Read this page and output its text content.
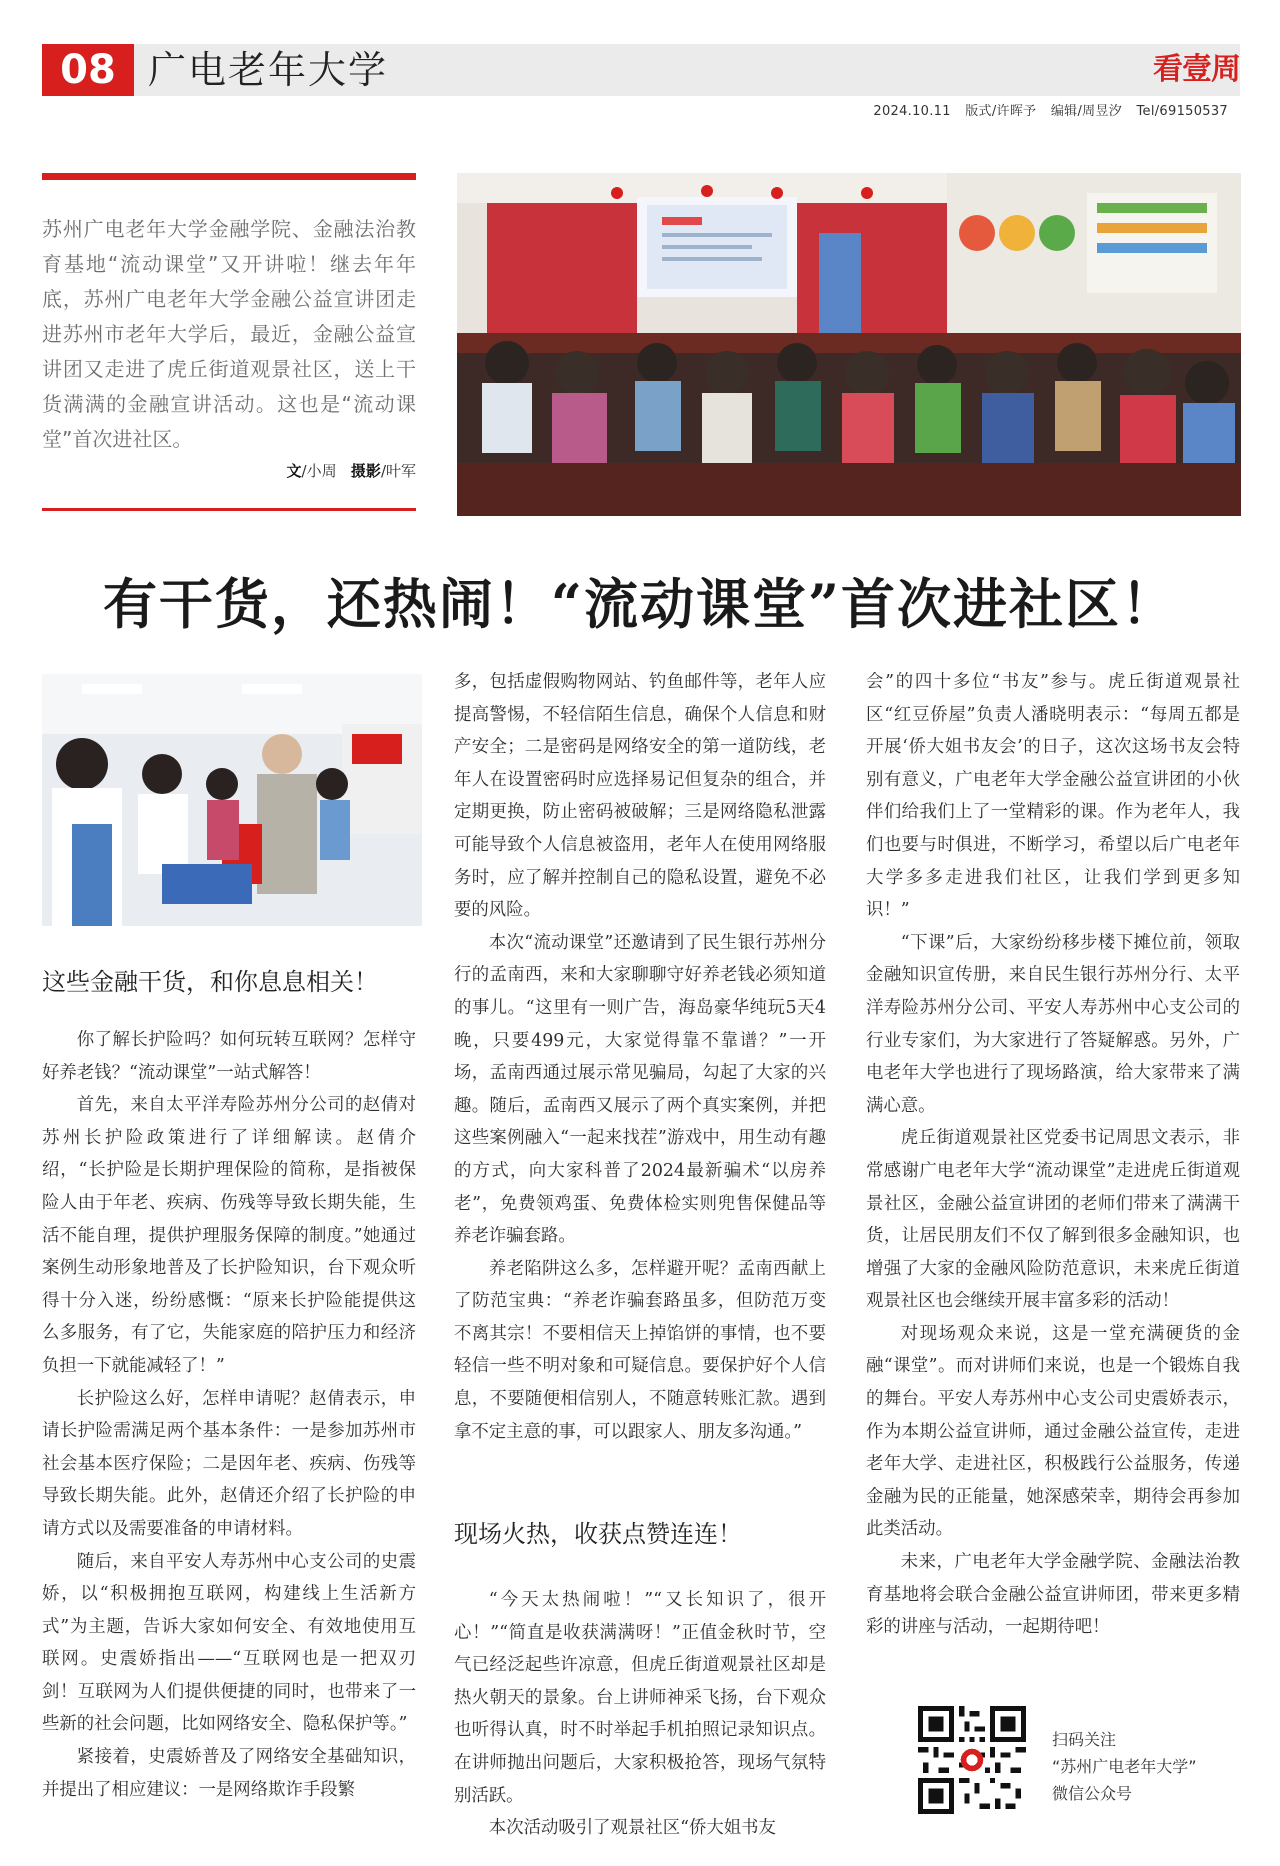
08 广电老年大学	看壹周
2024.10.11 版式/许晖予 编辑/周昱汐 Tel/69150537
苏州广电老年大学金融学院、金融法治教育基地“流动课堂”又开讲啦！继去年年底，苏州广电老年大学金融公益宣讲团走进苏州市老年大学后，最近，金融公益宣讲团又走进了虎丘街道观景社区，送上干货满满的金融宣讲活动。这也是“流动课堂”首次进社区。
文/小周 摄影/叶军
有干货，还热闹！“流动课堂”首次进社区！
这些金融干货，和你息息相关！

你了解长护险吗？如何玩转互联网？怎样守好养老钱？“流动课堂”一站式解答！

首先，来自太平洋寿险苏州分公司的赵倩对苏州长护险政策进行了详细解读。赵倩介绍，“长护险是长期护理保险的简称，是指被保险人由于年老、疾病、伤残等导致长期失能，生活不能自理，提供护理服务保障的制度。”她通过案例生动形象地普及了长护险知识，台下观众听得十分入迷，纷纷感慨：“原来长护险能提供这么多服务，有了它，失能家庭的陪护压力和经济负担一下就能减轻了！”

长护险这么好，怎样申请呢？赵倩表示，申请长护险需满足两个基本条件：一是参加苏州市社会基本医疗保险；二是因年老、疾病、伤残等导致长期失能。此外，赵倩还介绍了长护险的申请方式以及需要准备的申请材料。

随后，来自平安人寿苏州中心支公司的史震娇，以“积极拥抱互联网，构建线上生活新方式”为主题，告诉大家如何安全、有效地使用互联网。史震娇指出——“互联网也是一把双刃剑！互联网为人们提供便捷的同时，也带来了一些新的社会问题，比如网络安全、隐私保护等。”

紧接着，史震娇普及了网络安全基础知识，并提出了相应建议：一是网络欺诈手段繁

多，包括虚假购物网站、钓鱼邮件等，老年人应提高警惕，不轻信陌生信息，确保个人信息和财产安全；二是密码是网络安全的第一道防线，老年人在设置密码时应选择易记但复杂的组合，并定期更换，防止密码被破解；三是网络隐私泄露可能导致个人信息被盗用，老年人在使用网络服务时，应了解并控制自己的隐私设置，避免不必要的风险。

本次“流动课堂”还邀请到了民生银行苏州分行的孟南西，来和大家聊聊守好养老钱必须知道的事儿。“这里有一则广告，海岛豪华纯玩5天4晚，只要499元，大家觉得靠不靠谱？”一开场，孟南西通过展示常见骗局，勾起了大家的兴趣。随后，孟南西又展示了两个真实案例，并把这些案例融入“一起来找茬”游戏中，用生动有趣的方式，向大家科普了2024最新骗术“以房养老”，免费领鸡蛋、免费体检实则兜售保健品等养老诈骗套路。

养老陷阱这么多，怎样避开呢？孟南西献上了防范宝典：“养老诈骗套路虽多，但防范万变不离其宗！不要相信天上掉馅饼的事情，也不要轻信一些不明对象和可疑信息。要保护好个人信息，不要随便相信别人，不随意转账汇款。遇到拿不定主意的事，可以跟家人、朋友多沟通。”

现场火热，收获点赞连连！

“今天太热闹啦！”“又长知识了，很开心！”“简直是收获满满呀！”正值金秋时节，空气已经泛起些许凉意，但虎丘街道观景社区却是热火朝天的景象。台上讲师神采飞扬，台下观众也听得认真，时不时举起手机拍照记录知识点。在讲师抛出问题后，大家积极抢答，现场气氛特别活跃。

本次活动吸引了观景社区“侨大姐书友

会”的四十多位“书友”参与。虎丘街道观景社区“红豆侨屋”负责人潘晓明表示：“每周五都是开展‘侨大姐书友会’的日子，这次这场书友会特别有意义，广电老年大学金融公益宣讲团的小伙伴们给我们上了一堂精彩的课。作为老年人，我们也要与时俱进，不断学习，希望以后广电老年大学多多走进我们社区，让我们学到更多知识！”

“下课”后，大家纷纷移步楼下摊位前，领取金融知识宣传册，来自民生银行苏州分行、太平洋寿险苏州分公司、平安人寿苏州中心支公司的行业专家们，为大家进行了答疑解惑。另外，广电老年大学也进行了现场路演，给大家带来了满满心意。

虎丘街道观景社区党委书记周思文表示，非常感谢广电老年大学“流动课堂”走进虎丘街道观景社区，金融公益宣讲团的老师们带来了满满干货，让居民朋友们不仅了解到很多金融知识，也增强了大家的金融风险防范意识，未来虎丘街道观景社区也会继续开展丰富多彩的活动！

对现场观众来说，这是一堂充满硬货的金融“课堂”。而对讲师们来说，也是一个锻炼自我的舞台。平安人寿苏州中心支公司史震娇表示，作为本期公益宣讲师，通过金融公益宣传，走进老年大学、走进社区，积极践行公益服务，传递金融为民的正能量，她深感荣幸，期待会再参加此类活动。

未来，广电老年大学金融学院、金融法治教育基地将会联合金融公益宣讲师团，带来更多精彩的讲座与活动，一起期待吧！

扫码关注
“苏州广电老年大学”
微信公众号
